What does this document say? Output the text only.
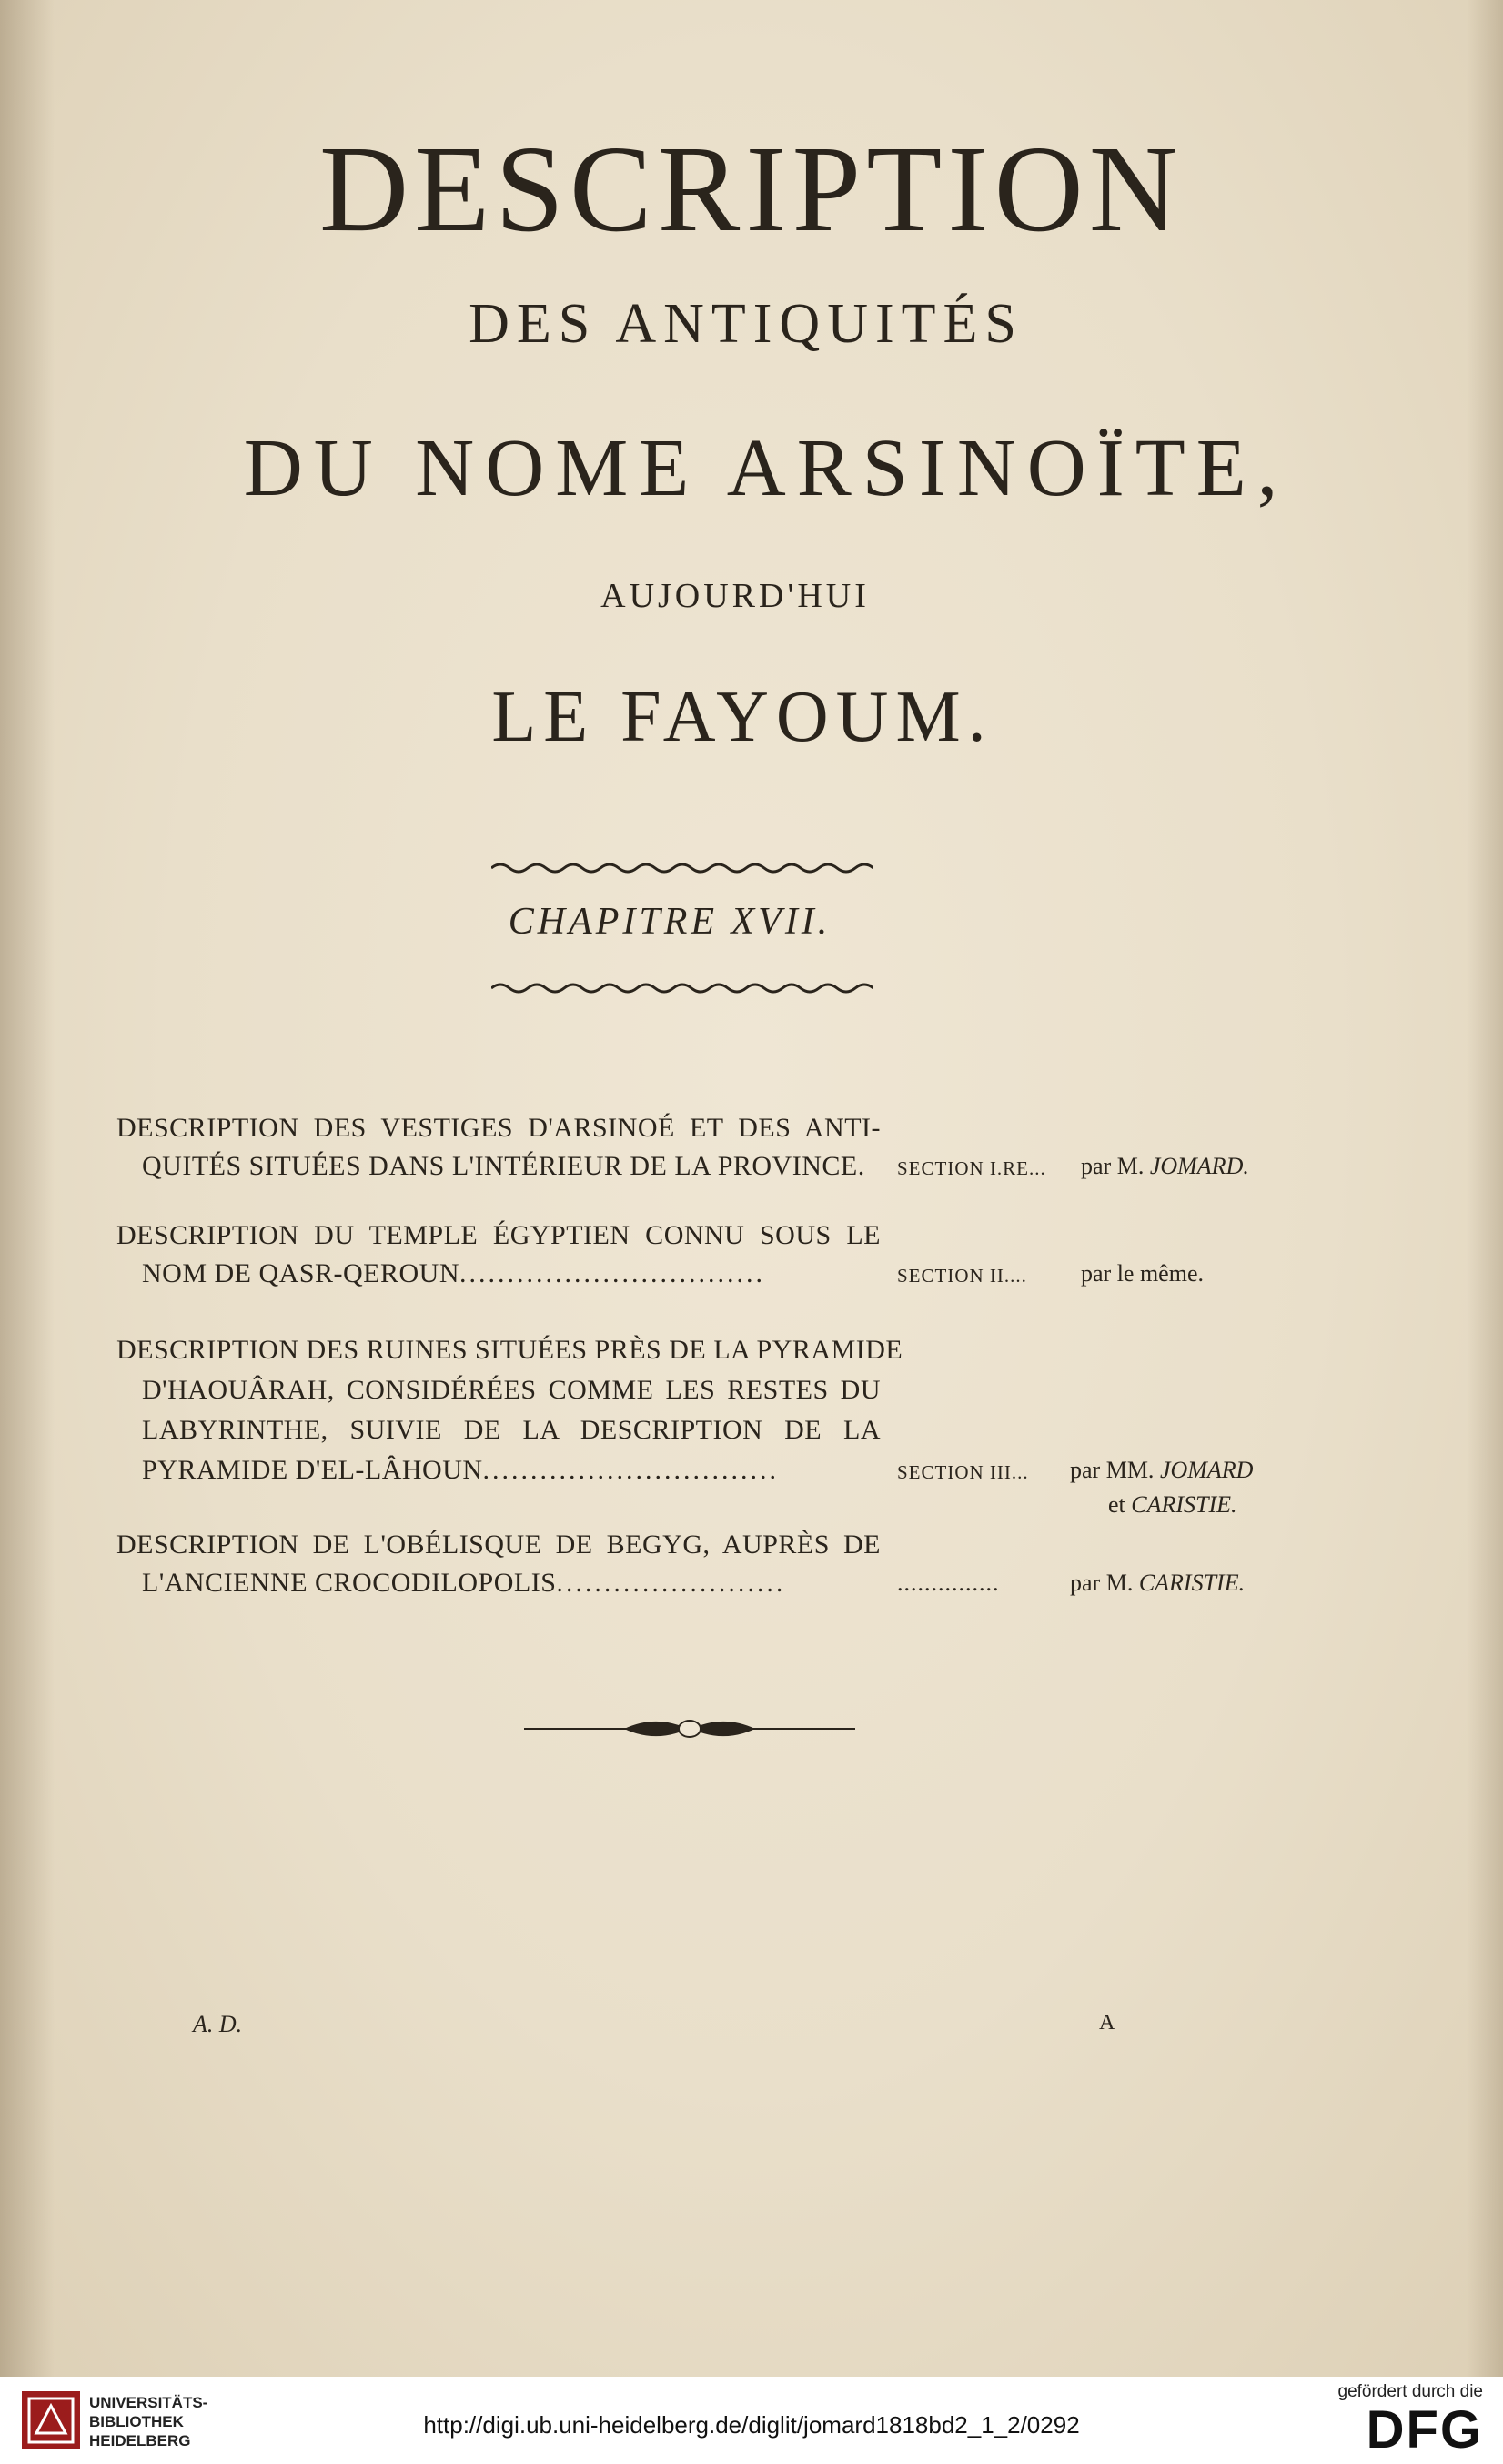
DESCRIPTION
DES ANTIQUITÉS
DU NOME ARSINOÏTE,
AUJOURD'HUI
LE FAYOUM.
CHAPITRE XVII.
DESCRIPTION DES VESTIGES D'ARSINOÉ ET DES ANTI-
QUITÉS SITUÉES DANS L'INTÉRIEUR DE LA PROVINCE. SECTION I.RE... par M. JOMARD.
DESCRIPTION DU TEMPLE ÉGYPTIEN CONNU SOUS LE
NOM DE QASR-QEROUN................................	SECTION II.... par le même.
DESCRIPTION DES RUINES SITUÉES PRÈS DE LA PYRAMIDE
D'HAOUÂRAH, CONSIDÉRÉES COMME LES RESTES DU
LABYRINTHE, SUIVIE DE LA DESCRIPTION DE LA
PYRAMIDE D'EL-LÂHOUN...............................	SECTION III... par MM. JOMARD
et CARISTIE.
DESCRIPTION DE L'OBÉLISQUE DE BEGYG, AUPRÈS DE
L'ANCIENNE CROCODILOPOLIS........................	...............	par M. CARISTIE.
A. D.	A
UNIVERSITÄTS-
BIBLIOTHEK
HEIDELBERG
http://digi.ub.uni-heidelberg.de/diglit/jomard1818bd2_1_2/0292
gefördert durch die
DFG
